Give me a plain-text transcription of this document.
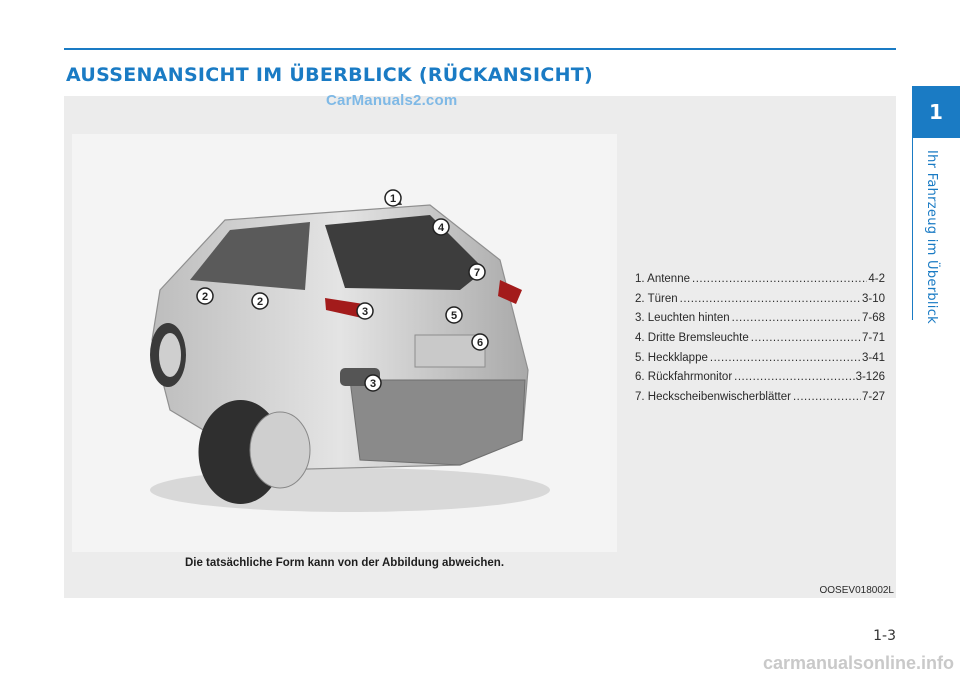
AUSSENANSICHT IM ÜBERBLICK (RÜCKANSICHT)
CarManuals2.com
1
2	2
3
3
4
5
6
7	1. Antenne .....	4-2
2. Türen .....	3-10
3. Leuchten hinten .....	7-68
4. Dritte Bremsleuchte .....	7-71
5. Heckklappe .....	3-41
6. Rückfahrmonitor .....	3-126
7. Heckscheibenwischerblätter .....	7-27

Die tatsächliche Form kann von der Abbildung abweichen.

OOSEV018002L
1
Ihr Fahrzeug im Überblick
1-3
carmanualsonline.info
